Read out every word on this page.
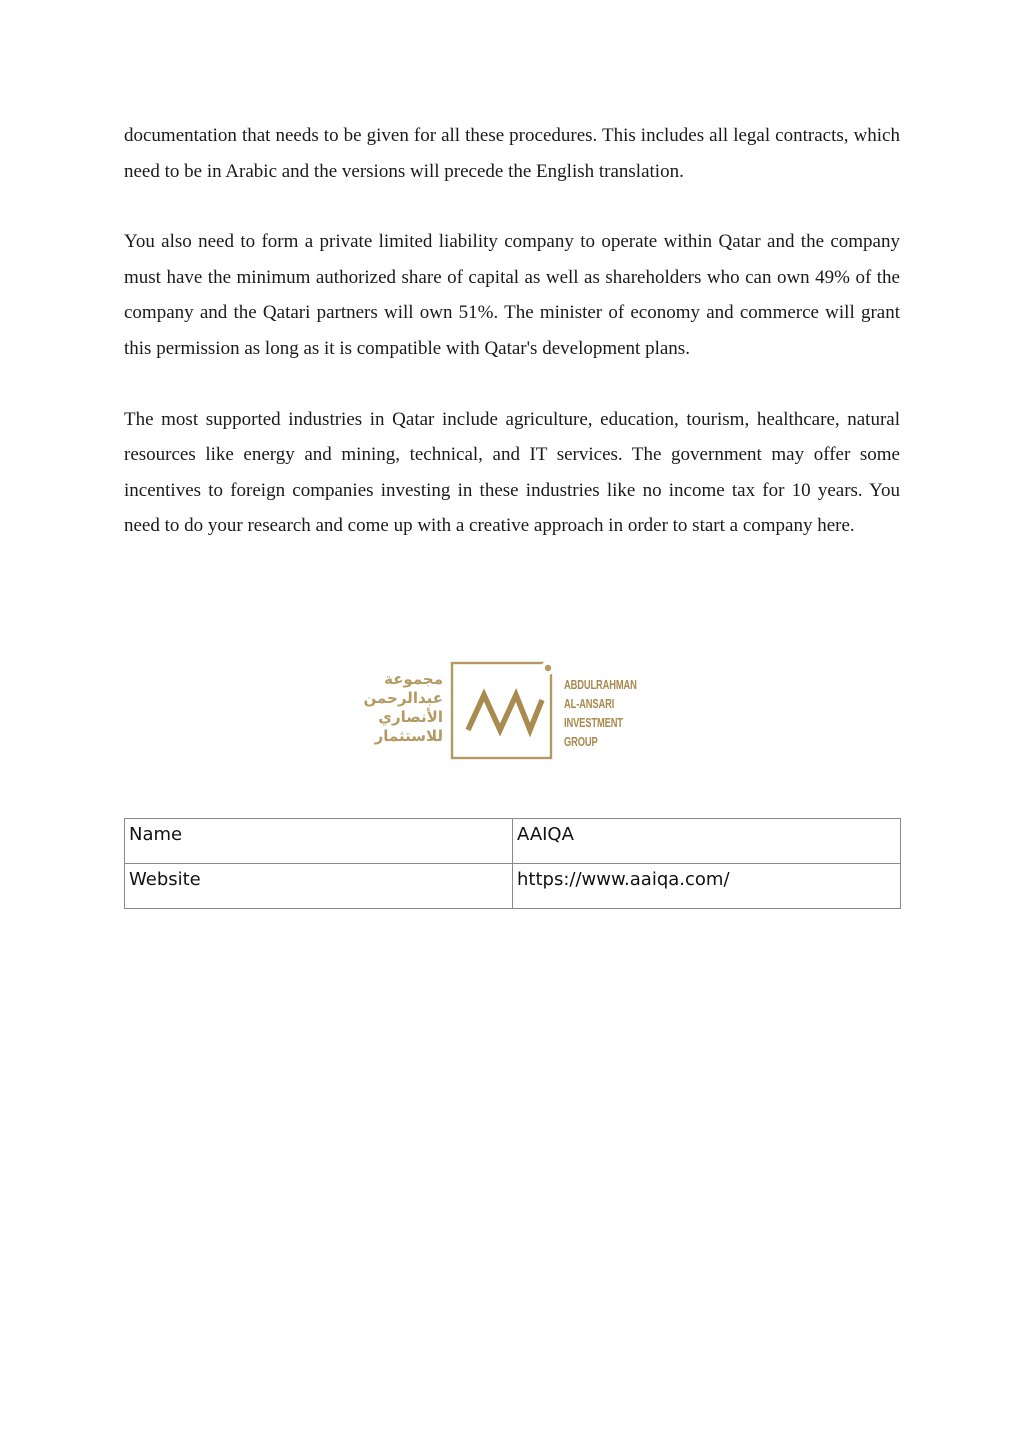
documentation that needs to be given for all these procedures. This includes all legal contracts, which need to be in Arabic and the versions will precede the English translation.

You also need to form a private limited liability company to operate within Qatar and the company must have the minimum authorized share of capital as well as shareholders who can own 49% of the company and the Qatari partners will own 51%. The minister of economy and commerce will grant this permission as long as it is compatible with Qatar's development plans.

The most supported industries in Qatar include agriculture, education, tourism, healthcare, natural resources like energy and mining, technical, and IT services. The government may offer some incentives to foreign companies investing in these industries like no income tax for 10 years. You need to do your research and come up with a creative approach in order to start a company here.

مجموعة
عبدالرحمن
الأنصاري
للاستثمار
ABDULRAHMAN
AL-ANSARI
INVESTMENT
GROUP
Name	AAIQA
Website	https://www.aaiqa.com/
